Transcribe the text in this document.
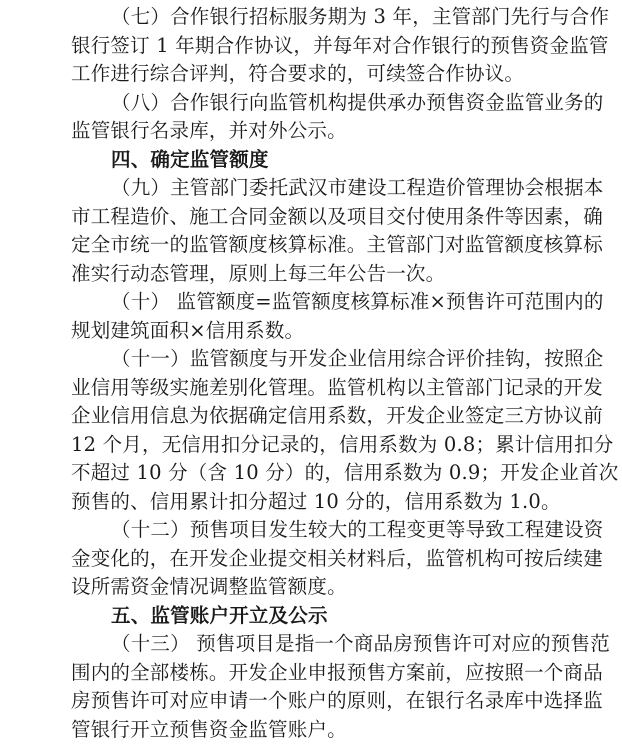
（七）合作银行招标服务期为 3 年，主管部门先行与合作
银行签订 1 年期合作协议，并每年对合作银行的预售资金监管
工作进行综合评判，符合要求的，可续签合作协议。
（八）合作银行向监管机构提供承办预售资金监管业务的
监管银行名录库，并对外公示。
四、确定监管额度
（九）主管部门委托武汉市建设工程造价管理协会根据本
市工程造价、施工合同金额以及项目交付使用条件等因素，确
定全市统一的监管额度核算标准。主管部门对监管额度核算标
准实行动态管理，原则上每三年公告一次。
（十） 监管额度=监管额度核算标准×预售许可范围内的
规划建筑面积×信用系数。
（十一）监管额度与开发企业信用综合评价挂钩，按照企
业信用等级实施差别化管理。监管机构以主管部门记录的开发
企业信用信息为依据确定信用系数，开发企业签定三方协议前
12 个月，无信用扣分记录的，信用系数为 0.8；累计信用扣分
不超过 10 分（含 10 分）的，信用系数为 0.9；开发企业首次
预售的、信用累计扣分超过 10 分的，信用系数为 1.0。
（十二）预售项目发生较大的工程变更等导致工程建设资
金变化的，在开发企业提交相关材料后，监管机构可按后续建
设所需资金情况调整监管额度。
五、监管账户开立及公示
（十三） 预售项目是指一个商品房预售许可对应的预售范
围内的全部楼栋。开发企业申报预售方案前，应按照一个商品
房预售许可对应申请一个账户的原则，在银行名录库中选择监
管银行开立预售资金监管账户。
